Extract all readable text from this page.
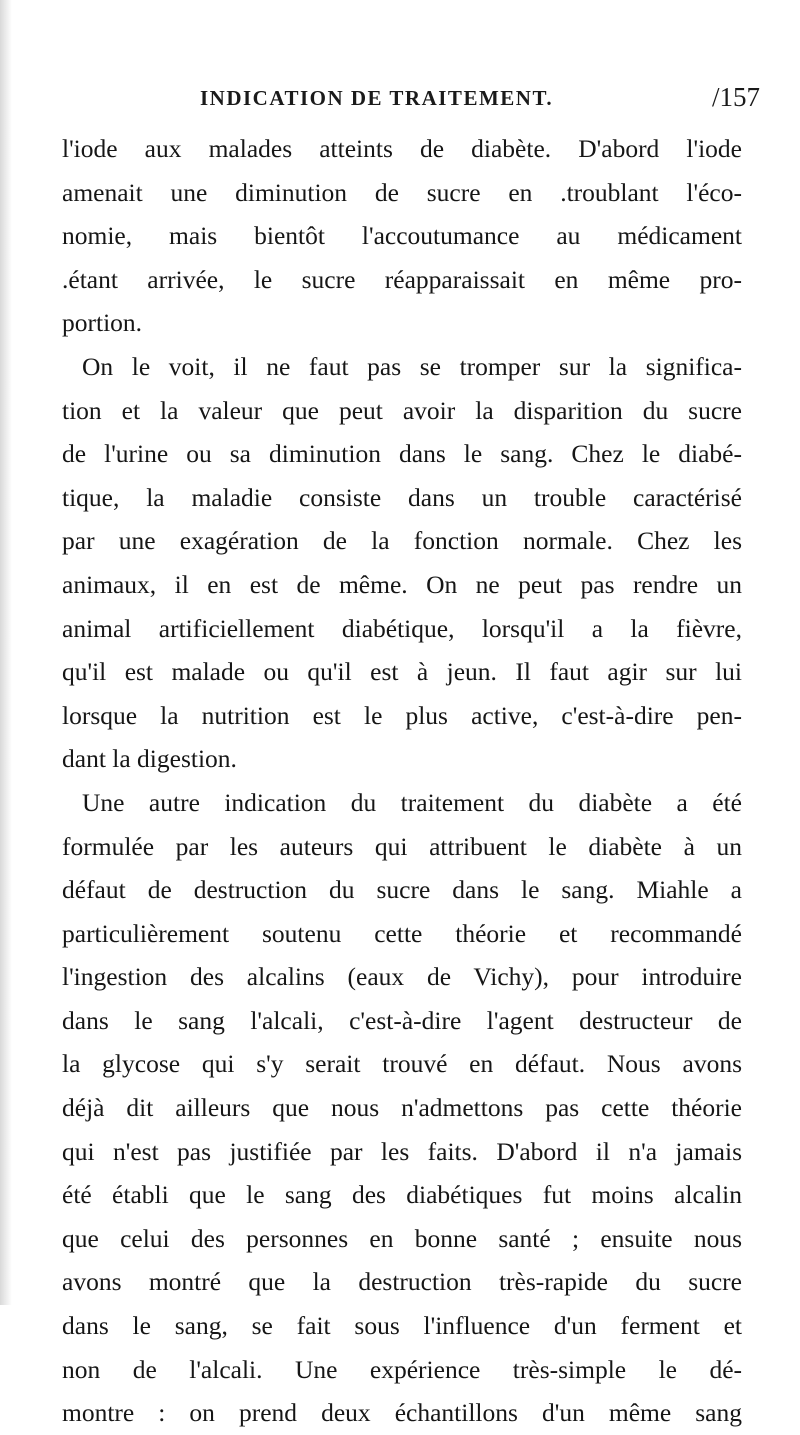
INDICATION DE TRAITEMENT.	/157
l'iode aux malades atteints de diabète. D'abord l'iode
amenait une diminution de sucre en .troublant l'éco-
nomie, mais bientôt l'accoutumance au médicament
.étant arrivée, le sucre réapparaissait en même pro-
portion.
On le voit, il ne faut pas se tromper sur la significa-
tion et la valeur que peut avoir la disparition du sucre
de l'urine ou sa diminution dans le sang. Chez le diabé-
tique, la maladie consiste dans un trouble caractérisé
par une exagération de la fonction normale. Chez les
animaux, il en est de même. On ne peut pas rendre un
animal artificiellement diabétique, lorsqu'il a la fièvre,
qu'il est malade ou qu'il est à jeun. Il faut agir sur lui
lorsque la nutrition est le plus active, c'est-à-dire pen-
dant la digestion.
Une autre indication du traitement du diabète a été
formulée par les auteurs qui attribuent le diabète à un
défaut de destruction du sucre dans le sang. Miahle a
particulièrement soutenu cette théorie et recommandé
l'ingestion des alcalins (eaux de Vichy), pour introduire
dans le sang l'alcali, c'est-à-dire l'agent destructeur de
la glycose qui s'y serait trouvé en défaut. Nous avons
déjà dit ailleurs que nous n'admettons pas cette théorie
qui n'est pas justifiée par les faits. D'abord il n'a jamais
été établi que le sang des diabétiques fut moins alcalin
que celui des personnes en bonne santé ; ensuite nous
avons montré que la destruction très-rapide du sucre
dans le sang, se fait sous l'influence d'un ferment et
non de l'alcali. Une expérience très-simple le dé-
montre : on prend deux échantillons d'un même sang
